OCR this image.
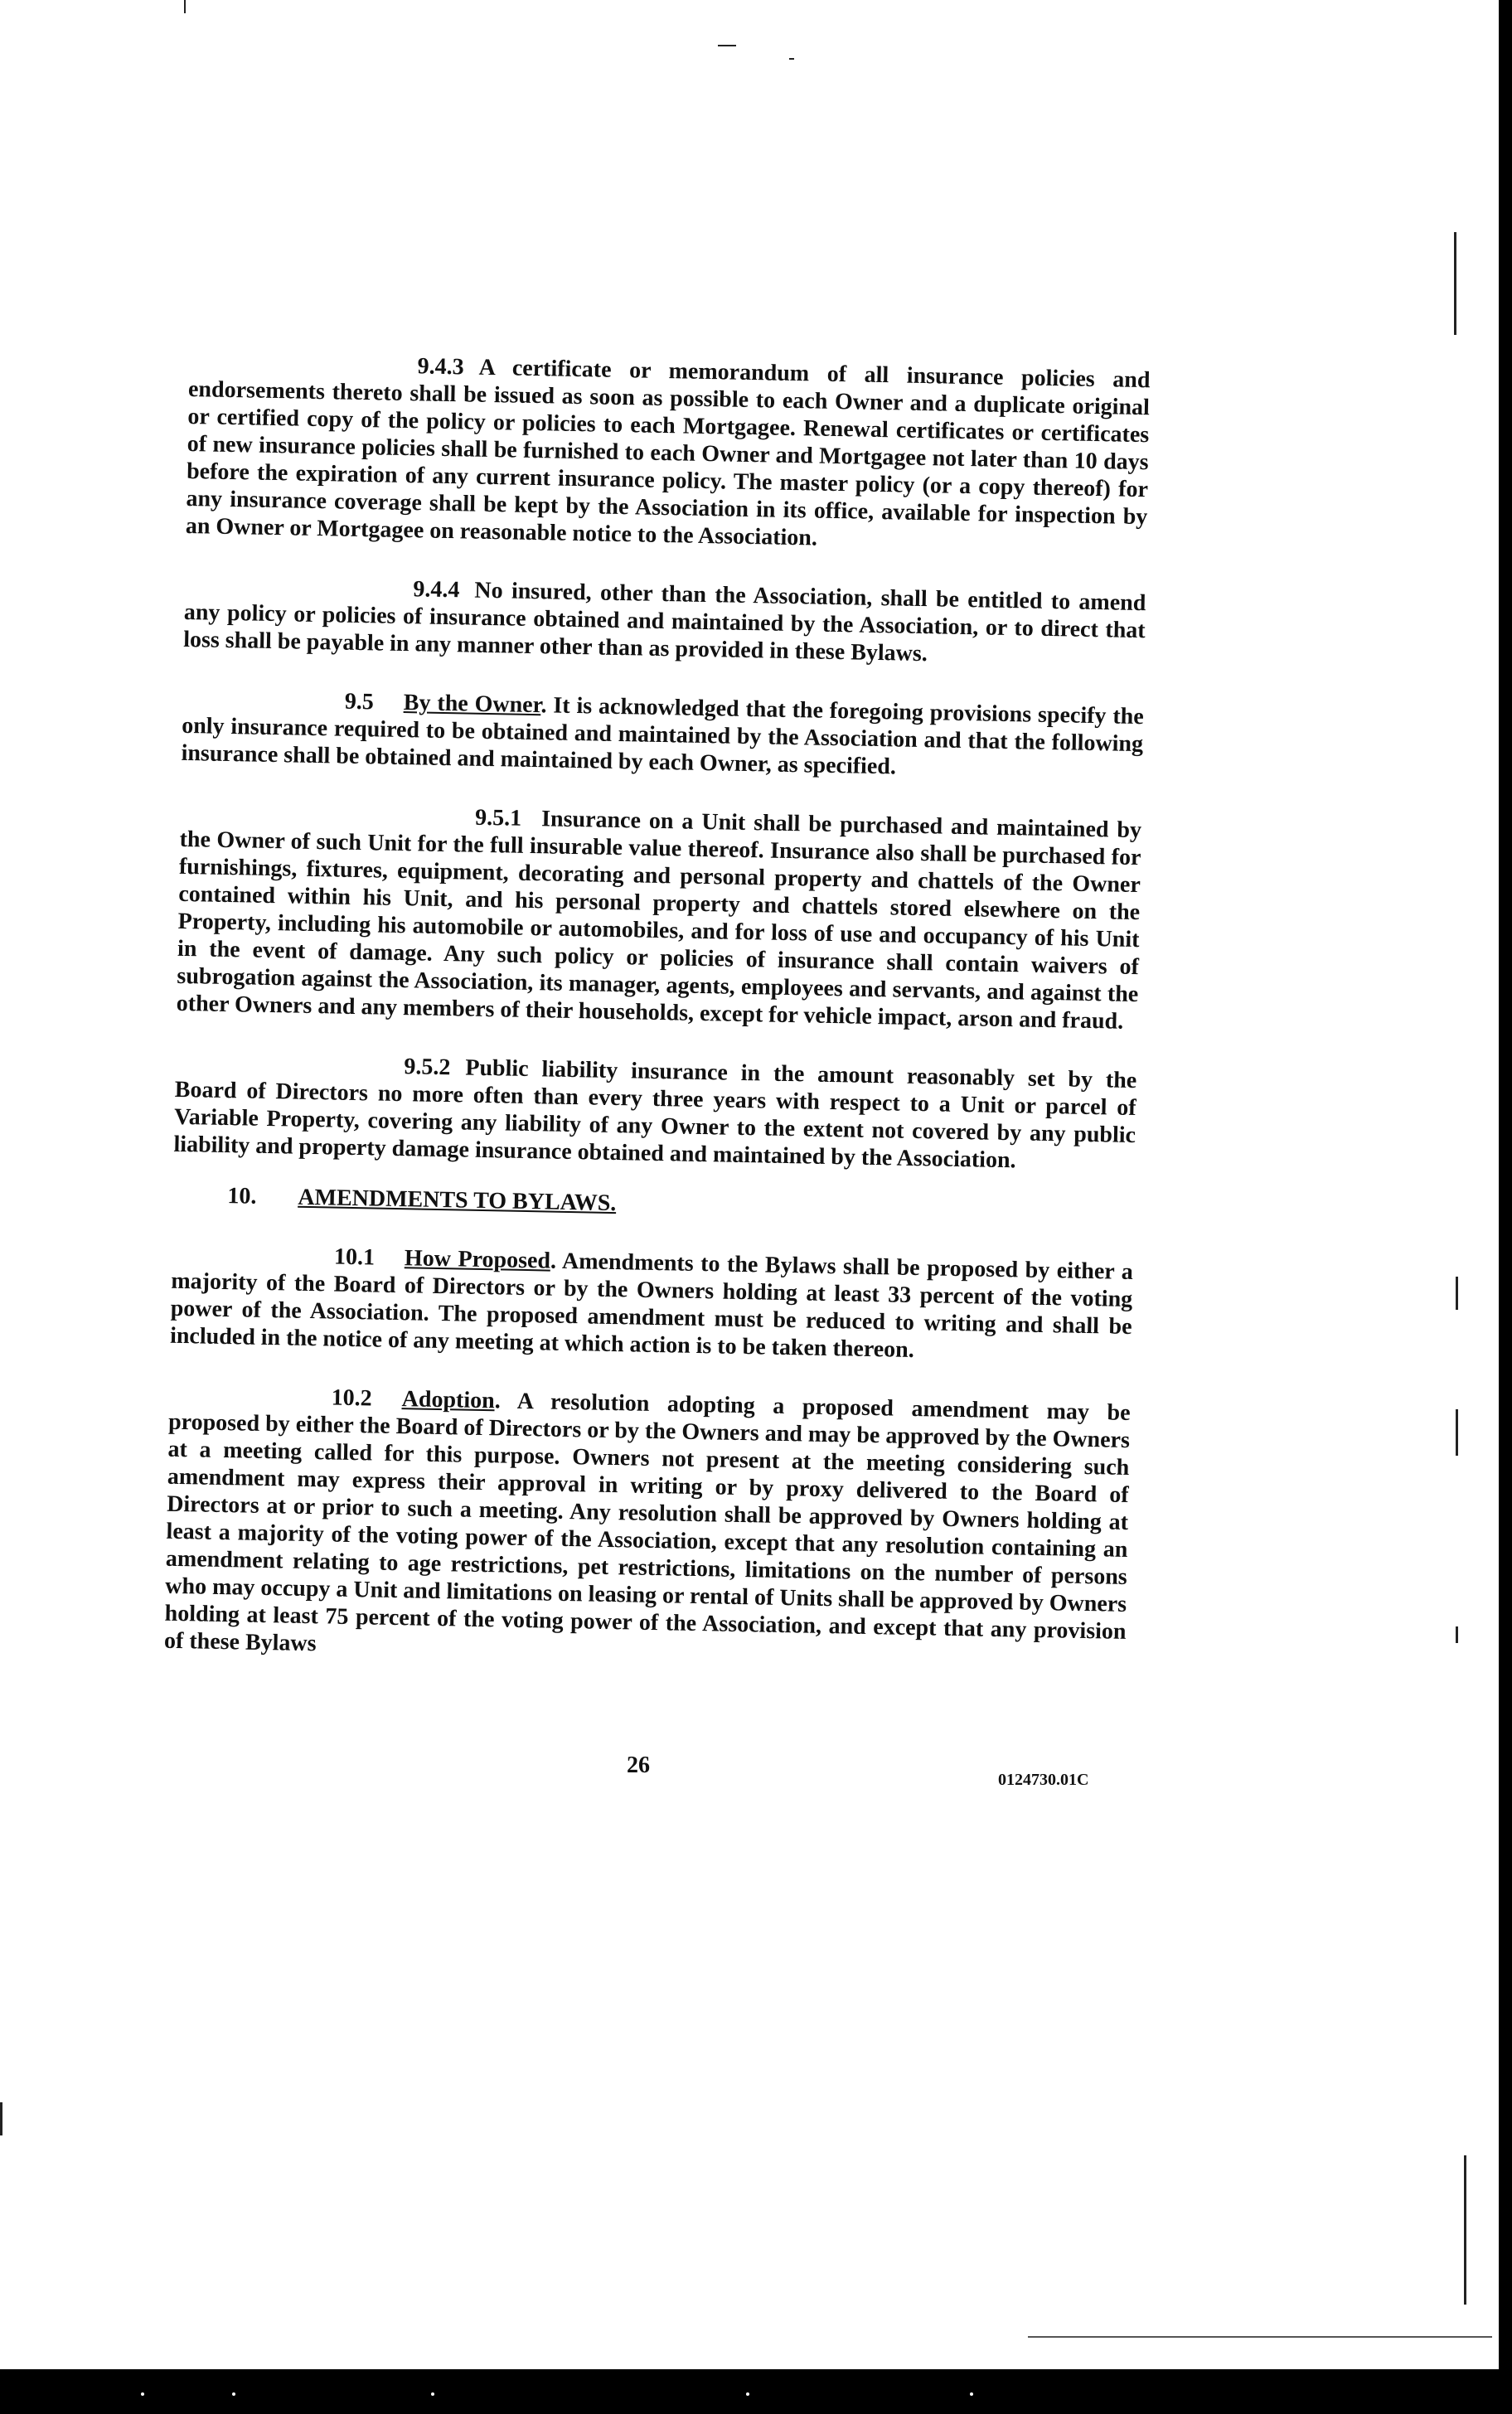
9.4.3 A certificate or memorandum of all insurance policies and endorsements thereto shall be issued as soon as possible to each Owner and a duplicate original or certified copy of the policy or policies to each Mortgagee. Renewal certificates or certificates of new insurance policies shall be furnished to each Owner and Mortgagee not later than 10 days before the expiration of any current insurance policy. The master policy (or a copy thereof) for any insurance coverage shall be kept by the Association in its office, available for inspection by an Owner or Mortgagee on reasonable notice to the Association.

9.4.4 No insured, other than the Association, shall be entitled to amend any policy or policies of insurance obtained and maintained by the Association, or to direct that loss shall be payable in any manner other than as provided in these Bylaws.

9.5 By the Owner. It is acknowledged that the foregoing provisions specify the only insurance required to be obtained and maintained by the Association and that the following insurance shall be obtained and maintained by each Owner, as specified.

9.5.1 Insurance on a Unit shall be purchased and maintained by the Owner of such Unit for the full insurable value thereof. Insurance also shall be purchased for furnishings, fixtures, equipment, decorating and personal property and chattels of the Owner contained within his Unit, and his personal property and chattels stored elsewhere on the Property, including his automobile or automobiles, and for loss of use and occupancy of his Unit in the event of damage. Any such policy or policies of insurance shall contain waivers of subrogation against the Association, its manager, agents, employees and servants, and against the other Owners and any members of their households, except for vehicle impact, arson and fraud.

9.5.2 Public liability insurance in the amount reasonably set by the Board of Directors no more often than every three years with respect to a Unit or parcel of Variable Property, covering any liability of any Owner to the extent not covered by any public liability and property damage insurance obtained and maintained by the Association.

10. AMENDMENTS TO BYLAWS.

10.1 How Proposed. Amendments to the Bylaws shall be proposed by either a majority of the Board of Directors or by the Owners holding at least 33 percent of the voting power of the Association. The proposed amendment must be reduced to writing and shall be included in the notice of any meeting at which action is to be taken thereon.

10.2 Adoption. A resolution adopting a proposed amendment may be proposed by either the Board of Directors or by the Owners and may be approved by the Owners at a meeting called for this purpose. Owners not present at the meeting considering such amendment may express their approval in writing or by proxy delivered to the Board of Directors at or prior to such a meeting. Any resolution shall be approved by Owners holding at least a majority of the voting power of the Association, except that any resolution containing an amendment relating to age restrictions, pet restrictions, limitations on the number of persons who may occupy a Unit and limitations on leasing or rental of Units shall be approved by Owners holding at least 75 percent of the voting power of the Association, and except that any provision of these Bylaws

26
0124730.01C
